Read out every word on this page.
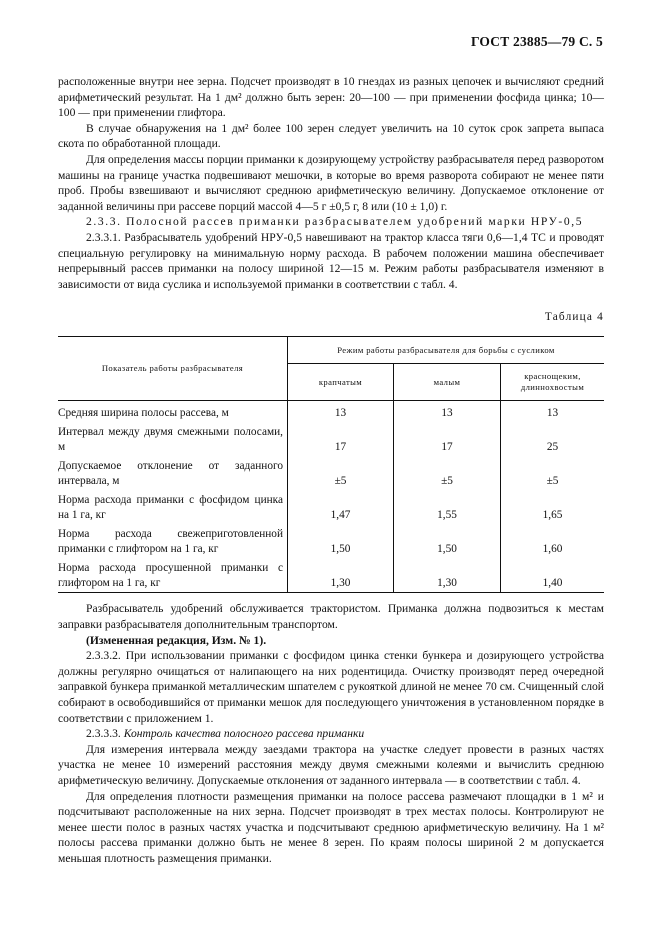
ГОСТ 23885—79 С. 5

расположенные внутри нее зерна. Подсчет производят в 10 гнездах из разных цепочек и вычисляют средний арифметический результат. На 1 дм² должно быть зерен: 20—100 — при применении фосфида цинка; 10—100 — при применении глифтора.

В случае обнаружения на 1 дм² более 100 зерен следует увеличить на 10 суток срок запрета выпаса скота по обработанной площади.

Для определения массы порции приманки к дозирующему устройству разбрасывателя перед разворотом машины на границе участка подвешивают мешочки, в которые во время разворота собирают не менее пяти проб. Пробы взвешивают и вычисляют среднюю арифметическую величину. Допускаемое отклонение от заданной величины при рассеве порций массой 4—5 г ±0,5 г, 8 или (10 ± 1,0) г.

2.3.3. Полосной рассев приманки разбрасывателем удобрений марки НРУ-0,5

2.3.3.1. Разбрасыватель удобрений НРУ-0,5 навешивают на трактор класса тяги 0,6—1,4 ТС и проводят специальную регулировку на минимальную норму расхода. В рабочем положении машина обеспечивает непрерывный рассев приманки на полосу шириной 12—15 м. Режим работы разбрасывателя изменяют в зависимости от вида суслика и используемой приманки в соответствии с табл. 4.

Таблица 4

Показатель работы разбрасывателя	Режим работы разбрасывателя для борьбы с сусликом		
	крапчатым	малым	краснощеким, длиннохвостым
Средняя ширина полосы рассева, м	13	13	13
Интервал между двумя смежными полосами, м	17	17	25
Допускаемое отклонение от заданного интервала, м	±5	±5	±5
Норма расхода приманки с фосфидом цинка на 1 га, кг	1,47	1,55	1,65
Норма расхода свежеприготовленной приманки с глифтором на 1 га, кг	1,50	1,50	1,60
Норма расхода просушенной приманки с глифтором на 1 га, кг	1,30	1,30	1,40

Разбрасыватель удобрений обслуживается трактористом. Приманка должна подвозиться к местам заправки разбрасывателя дополнительным транспортом.

(Измененная редакция, Изм. № 1).

2.3.3.2. При использовании приманки с фосфидом цинка стенки бункера и дозирующего устройства должны регулярно очищаться от налипающего на них родентицида. Очистку производят перед очередной заправкой бункера приманкой металлическим шпателем с рукояткой длиной не менее 70 см. Счищенный слой собирают в освободившийся от приманки мешок для последующего уничтожения в установленном порядке в соответствии с приложением 1.

2.3.3.3. Контроль качества полосного рассева приманки

Для измерения интервала между заездами трактора на участке следует провести в разных частях участка не менее 10 измерений расстояния между двумя смежными колеями и вычислить среднюю арифметическую величину. Допускаемые отклонения от заданного интервала — в соответствии с табл. 4.

Для определения плотности размещения приманки на полосе рассева размечают площадки в 1 м² и подсчитывают расположенные на них зерна. Подсчет производят в трех местах полосы. Контролируют не менее шести полос в разных частях участка и подсчитывают среднюю арифметическую величину. На 1 м² полосы рассева приманки должно быть не менее 8 зерен. По краям полосы шириной 2 м допускается меньшая плотность размещения приманки.
